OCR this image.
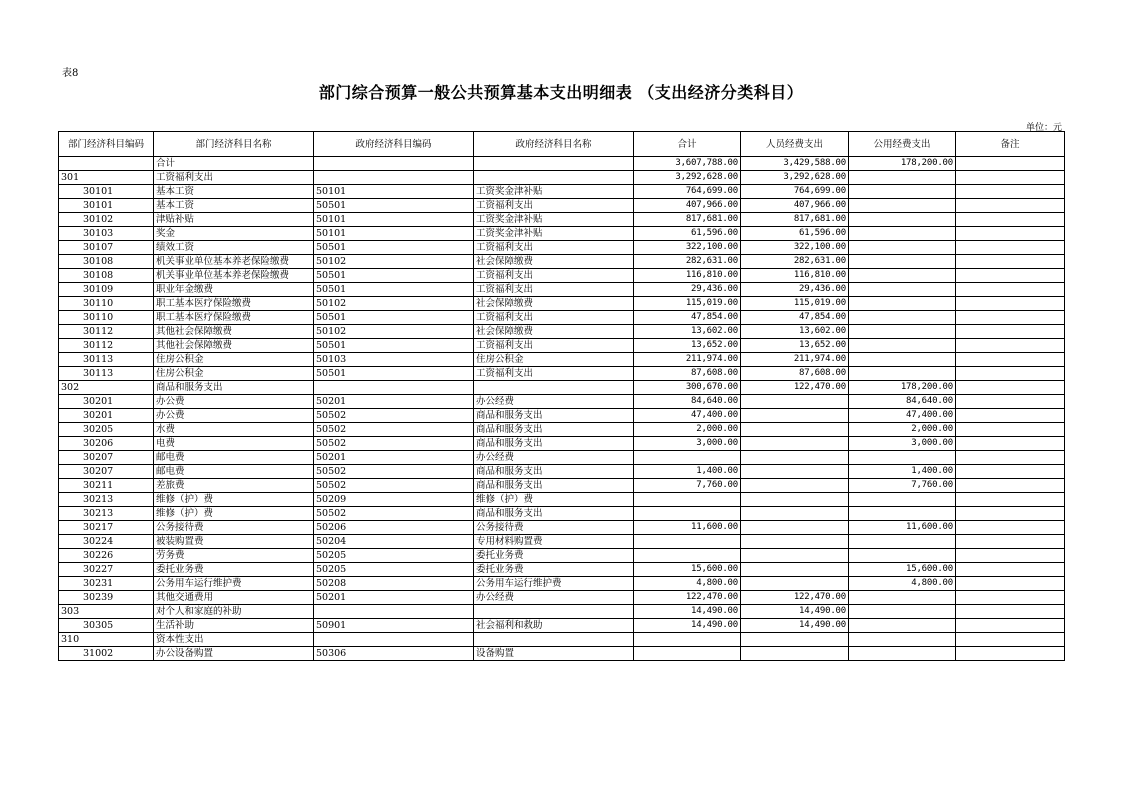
表8
部门综合预算一般公共预算基本支出明细表 （支出经济分类科目）
单位：元
部门经济科目编码	部门经济科目名称	政府经济科目编码	政府经济科目名称	合计	人员经费支出	公用经费支出	备注
	合计			3,607,788.00	3,429,588.00	178,200.00	
301	工资福利支出			3,292,628.00	3,292,628.00		
30101	基本工资	50101	工资奖金津补贴	764,699.00	764,699.00		
30101	基本工资	50501	工资福利支出	407,966.00	407,966.00		
30102	津贴补贴	50101	工资奖金津补贴	817,681.00	817,681.00		
30103	奖金	50101	工资奖金津补贴	61,596.00	61,596.00		
30107	绩效工资	50501	工资福利支出	322,100.00	322,100.00		
30108	机关事业单位基本养老保险缴费	50102	社会保障缴费	282,631.00	282,631.00		
30108	机关事业单位基本养老保险缴费	50501	工资福利支出	116,810.00	116,810.00		
30109	职业年金缴费	50501	工资福利支出	29,436.00	29,436.00		
30110	职工基本医疗保险缴费	50102	社会保障缴费	115,019.00	115,019.00		
30110	职工基本医疗保险缴费	50501	工资福利支出	47,854.00	47,854.00		
30112	其他社会保障缴费	50102	社会保障缴费	13,602.00	13,602.00		
30112	其他社会保障缴费	50501	工资福利支出	13,652.00	13,652.00		
30113	住房公积金	50103	住房公积金	211,974.00	211,974.00		
30113	住房公积金	50501	工资福利支出	87,608.00	87,608.00		
302	商品和服务支出			300,670.00	122,470.00	178,200.00	
30201	办公费	50201	办公经费	84,640.00		84,640.00	
30201	办公费	50502	商品和服务支出	47,400.00		47,400.00	
30205	水费	50502	商品和服务支出	2,000.00		2,000.00	
30206	电费	50502	商品和服务支出	3,000.00		3,000.00	
30207	邮电费	50201	办公经费				
30207	邮电费	50502	商品和服务支出	1,400.00		1,400.00	
30211	差旅费	50502	商品和服务支出	7,760.00		7,760.00	
30213	维修（护）费	50209	维修（护）费				
30213	维修（护）费	50502	商品和服务支出				
30217	公务接待费	50206	公务接待费	11,600.00		11,600.00	
30224	被装购置费	50204	专用材料购置费				
30226	劳务费	50205	委托业务费				
30227	委托业务费	50205	委托业务费	15,600.00		15,600.00	
30231	公务用车运行维护费	50208	公务用车运行维护费	4,800.00		4,800.00	
30239	其他交通费用	50201	办公经费	122,470.00	122,470.00		
303	对个人和家庭的补助			14,490.00	14,490.00		
30305	生活补助	50901	社会福利和救助	14,490.00	14,490.00		
310	资本性支出						
31002	办公设备购置	50306	设备购置				
